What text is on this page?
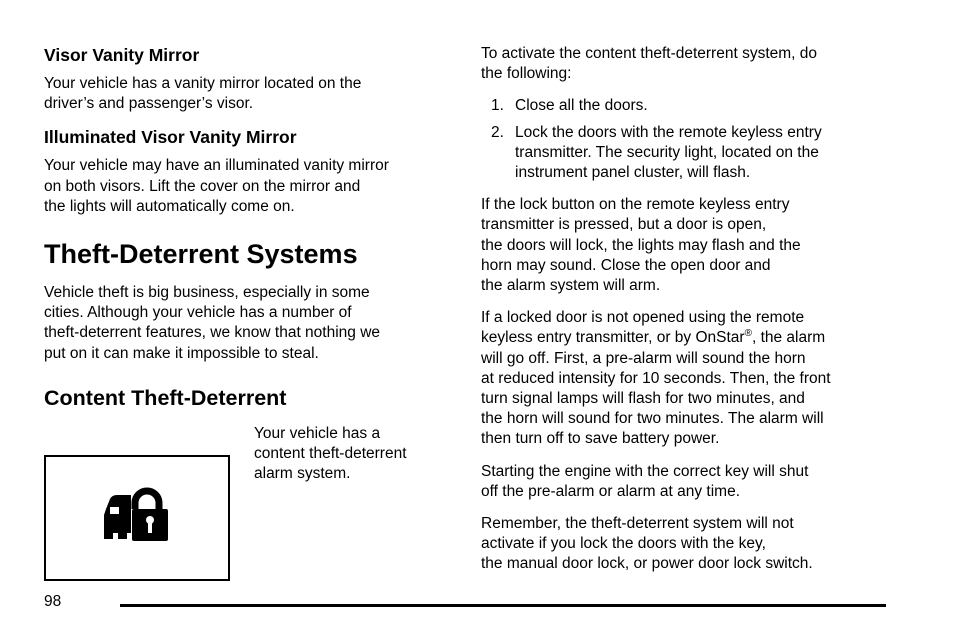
Visor Vanity Mirror

Your vehicle has a vanity mirror located on the
driver’s and passenger’s visor.

Illuminated Visor Vanity Mirror

Your vehicle may have an illuminated vanity mirror
on both visors. Lift the cover on the mirror and
the lights will automatically come on.

Theft-Deterrent Systems

Vehicle theft is big business, especially in some
cities. Although your vehicle has a number of
theft-deterrent features, we know that nothing we
put on it can make it impossible to steal.

Content Theft-Deterrent

Your vehicle has a
content theft-deterrent
alarm system.

To activate the content theft-deterrent system, do
the following:

1. Close all the doors.
2. Lock the doors with the remote keyless entry
transmitter. The security light, located on the
instrument panel cluster, will flash.

If the lock button on the remote keyless entry
transmitter is pressed, but a door is open,
the doors will lock, the lights may flash and the
horn may sound. Close the open door and
the alarm system will arm.

If a locked door is not opened using the remote
keyless entry transmitter, or by OnStar®, the alarm
will go off. First, a pre-alarm will sound the horn
at reduced intensity for 10 seconds. Then, the front
turn signal lamps will flash for two minutes, and
the horn will sound for two minutes. The alarm will
then turn off to save battery power.

Starting the engine with the correct key will shut
off the pre-alarm or alarm at any time.

Remember, the theft-deterrent system will not
activate if you lock the doors with the key,
the manual door lock, or power door lock switch.

98
